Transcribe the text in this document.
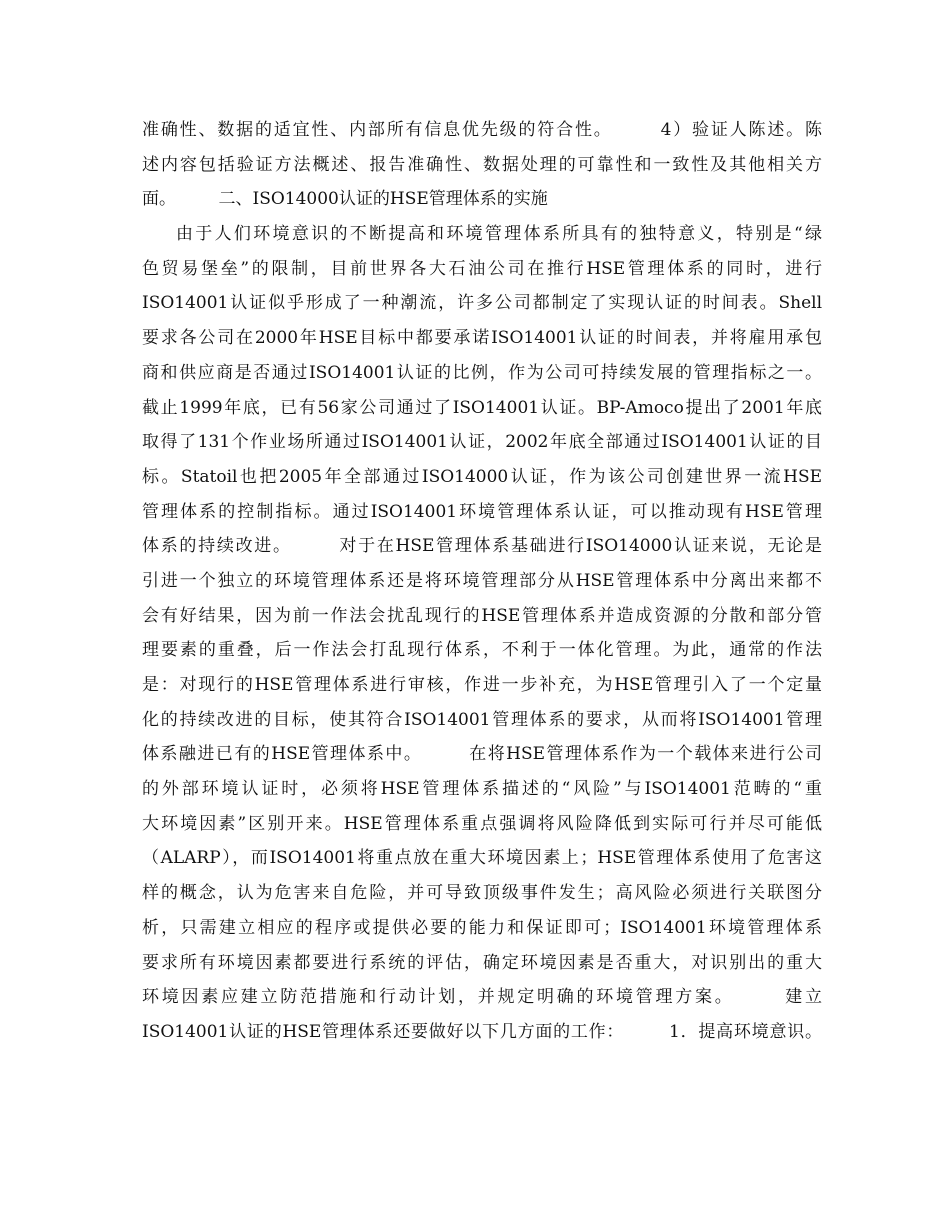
准确性、数据的适宜性、内部所有信息优先级的符合性。　　　4）验证人陈述。陈
述内容包括验证方法概述、报告准确性、数据处理的可靠性和一致性及其他相关方
面。　　　二、ISO14000认证的HSE管理体系的实施
由于人们环境意识的不断提高和环境管理体系所具有的独特意义，特别是“绿
色贸易堡垒”的限制，目前世界各大石油公司在推行HSE管理体系的同时，进行
ISO14001认证似乎形成了一种潮流，许多公司都制定了实现认证的时间表。Shell
要求各公司在2000年HSE目标中都要承诺ISO14001认证的时间表，并将雇用承包
商和供应商是否通过ISO14001认证的比例，作为公司可持续发展的管理指标之一。
截止1999年底，已有56家公司通过了ISO14001认证。BP-Amoco提出了2001年底
取得了131个作业场所通过ISO14001认证，2002年底全部通过ISO14001认证的目
标。Statoil也把2005年全部通过ISO14000认证，作为该公司创建世界一流HSE
管理体系的控制指标。通过ISO14001环境管理体系认证，可以推动现有HSE管理
体系的持续改进。　　　对于在HSE管理体系基础进行ISO14000认证来说，无论是
引进一个独立的环境管理体系还是将环境管理部分从HSE管理体系中分离出来都不
会有好结果，因为前一作法会扰乱现行的HSE管理体系并造成资源的分散和部分管
理要素的重叠，后一作法会打乱现行体系，不利于一体化管理。为此，通常的作法
是：对现行的HSE管理体系进行审核，作进一步补充，为HSE管理引入了一个定量
化的持续改进的目标，使其符合ISO14001管理体系的要求，从而将ISO14001管理
体系融进已有的HSE管理体系中。　　　在将HSE管理体系作为一个载体来进行公司
的外部环境认证时，必须将HSE管理体系描述的“风险”与ISO14001范畴的“重
大环境因素”区别开来。HSE管理体系重点强调将风险降低到实际可行并尽可能低
（ALARP），而ISO14001将重点放在重大环境因素上；HSE管理体系使用了危害这
样的概念，认为危害来自危险，并可导致顶级事件发生；高风险必须进行关联图分
析，只需建立相应的程序或提供必要的能力和保证即可；ISO14001环境管理体系
要求所有环境因素都要进行系统的评估，确定环境因素是否重大，对识别出的重大
环境因素应建立防范措施和行动计划，并规定明确的环境管理方案。　　　建立
ISO14001认证的HSE管理体系还要做好以下几方面的工作：　　　1．提高环境意识。
